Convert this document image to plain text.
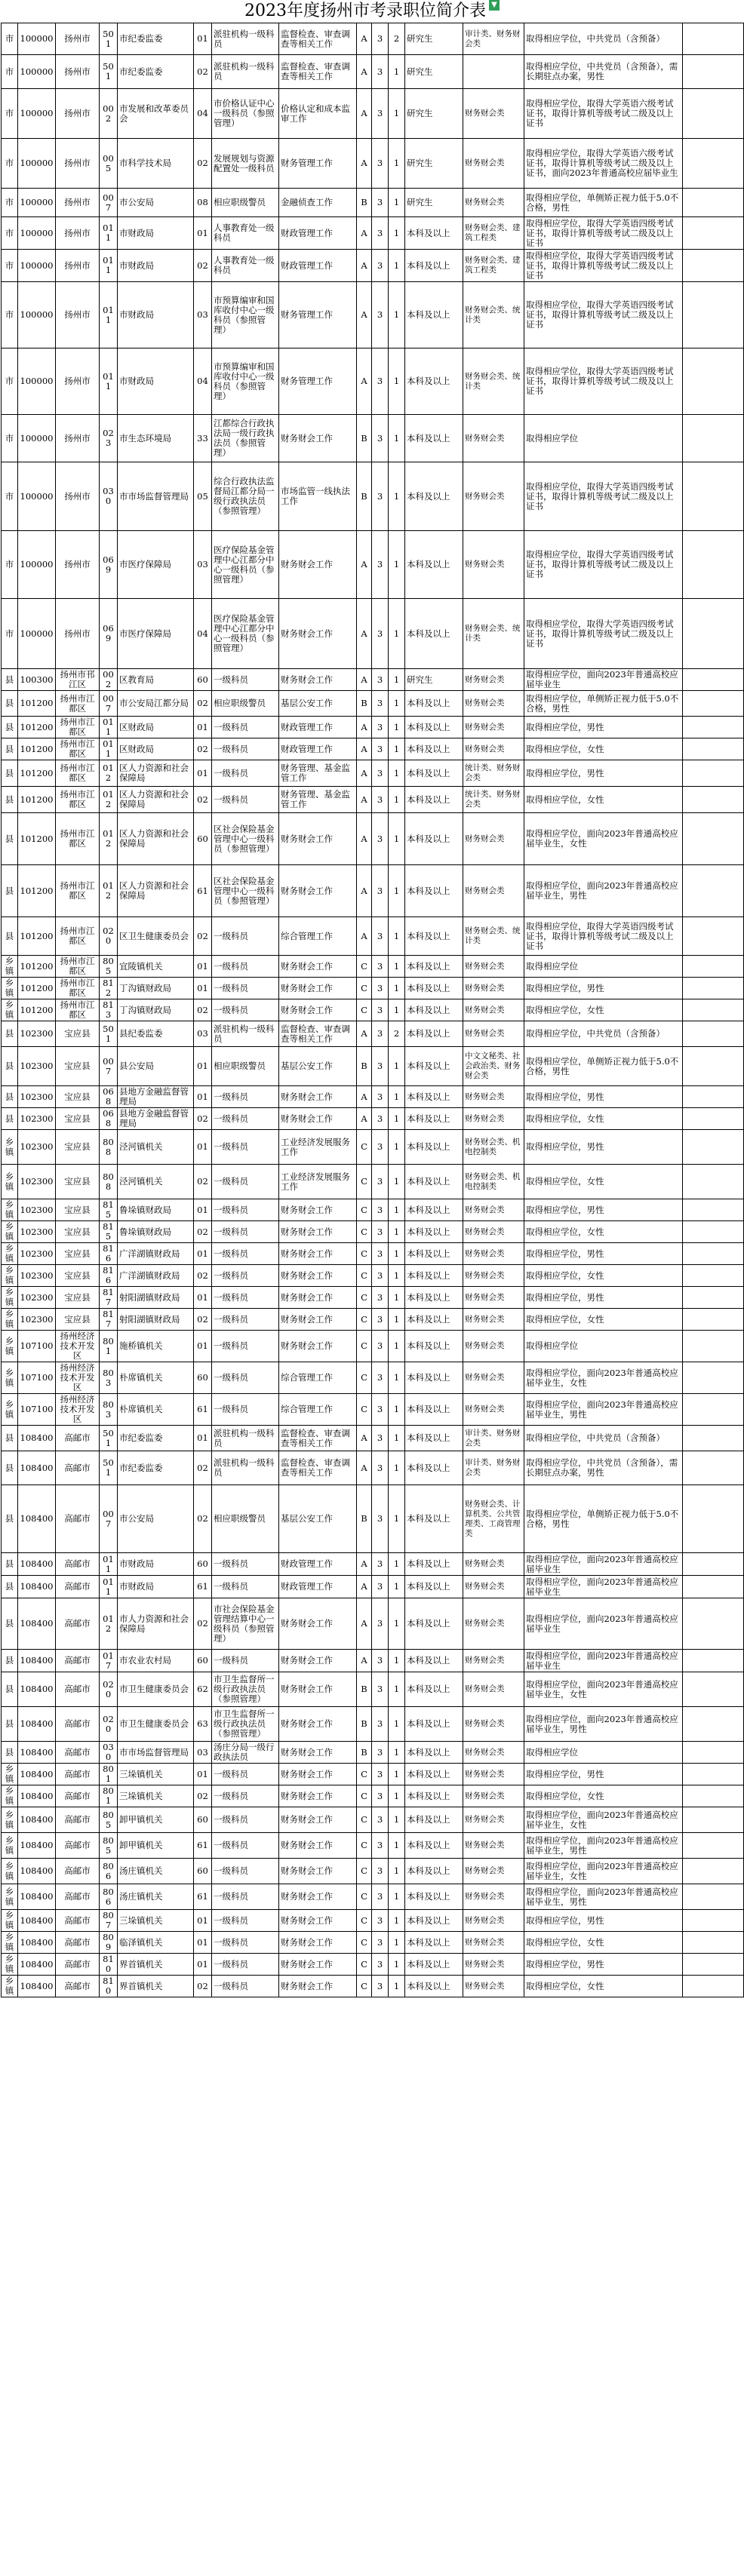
2023年度扬州市考录职位简介表 ▼
市	100000	扬州市	501	市纪委监委	01	派驻机构一级科员	监督检查、审查调查等相关工作	A	3	2	研究生	审计类、财务财会类	取得相应学位，中共党员（含预备）	
市	100000	扬州市	501	市纪委监委	02	派驻机构一级科员	监督检查、审查调查等相关工作	A	3	1	研究生		取得相应学位，中共党员（含预备），需长期驻点办案，男性	
市	100000	扬州市	002	市发展和改革委员会	04	市价格认证中心一级科员（参照管理）	价格认定和成本监审工作	A	3	1	研究生	财务财会类	取得相应学位，取得大学英语六级考试证书，取得计算机等级考试二级及以上证书	
市	100000	扬州市	005	市科学技术局	02	发展规划与资源配置处一级科员	财务管理工作	A	3	1	研究生	财务财会类	取得相应学位，取得大学英语六级考试证书，取得计算机等级考试二级及以上证书，面向2023年普通高校应届毕业生	
市	100000	扬州市	007	市公安局	08	相应职级警员	金融侦查工作	B	3	1	研究生	财务财会类	取得相应学位，单侧矫正视力低于5.0不合格，男性	
市	100000	扬州市	011	市财政局	01	人事教育处一级科员	财政管理工作	A	3	1	本科及以上	财务财会类、建筑工程类	取得相应学位，取得大学英语四级考试证书，取得计算机等级考试二级及以上证书	
市	100000	扬州市	011	市财政局	02	人事教育处一级科员	财政管理工作	A	3	1	本科及以上	财务财会类、建筑工程类	取得相应学位，取得大学英语四级考试证书，取得计算机等级考试二级及以上证书	
市	100000	扬州市	011	市财政局	03	市预算编审和国库收付中心一级科员（参照管理）	财务管理工作	A	3	1	本科及以上	财务财会类、统计类	取得相应学位，取得大学英语四级考试证书，取得计算机等级考试二级及以上证书	
市	100000	扬州市	011	市财政局	04	市预算编审和国库收付中心一级科员（参照管理）	财务管理工作	A	3	1	本科及以上	财务财会类、统计类	取得相应学位，取得大学英语四级考试证书，取得计算机等级考试二级及以上证书	
市	100000	扬州市	023	市生态环境局	33	江都综合行政执法局一级行政执法员（参照管理）	财务财会工作	B	3	1	本科及以上	财务财会类	取得相应学位	
市	100000	扬州市	030	市市场监督管理局	05	综合行政执法监督局江都分局一级行政执法员（参照管理）	市场监管一线执法工作	B	3	1	本科及以上	财务财会类	取得相应学位，取得大学英语四级考试证书，取得计算机等级考试二级及以上证书	
市	100000	扬州市	069	市医疗保障局	03	医疗保险基金管理中心江都分中心一级科员（参照管理）	财务财会工作	A	3	1	本科及以上	财务财会类	取得相应学位，取得大学英语四级考试证书，取得计算机等级考试二级及以上证书	
市	100000	扬州市	069	市医疗保障局	04	医疗保险基金管理中心江都分中心一级科员（参照管理）	财务财会工作	A	3	1	本科及以上	财务财会类、统计类	取得相应学位，取得大学英语四级考试证书，取得计算机等级考试二级及以上证书	
县	100300	扬州市邗江区	002	区教育局	60	一级科员	财务财会工作	A	3	1	研究生	财务财会类	取得相应学位，面向2023年普通高校应届毕业生	
县	101200	扬州市江都区	007	市公安局江都分局	02	相应职级警员	基层公安工作	B	3	1	本科及以上	财务财会类	取得相应学位，单侧矫正视力低于5.0不合格，男性	
县	101200	扬州市江都区	011	区财政局	01	一级科员	财政管理工作	A	3	1	本科及以上	财务财会类	取得相应学位，男性	
县	101200	扬州市江都区	011	区财政局	02	一级科员	财政管理工作	A	3	1	本科及以上	财务财会类	取得相应学位，女性	
县	101200	扬州市江都区	012	区人力资源和社会保障局	01	一级科员	财务管理、基金监管工作	A	3	1	本科及以上	统计类、财务财会类	取得相应学位，男性	
县	101200	扬州市江都区	012	区人力资源和社会保障局	02	一级科员	财务管理、基金监管工作	A	3	1	本科及以上	统计类、财务财会类	取得相应学位，女性	
县	101200	扬州市江都区	012	区人力资源和社会保障局	60	区社会保险基金管理中心一级科员（参照管理）	财务财会工作	A	3	1	本科及以上	财务财会类	取得相应学位，面向2023年普通高校应届毕业生，女性	
县	101200	扬州市江都区	012	区人力资源和社会保障局	61	区社会保险基金管理中心一级科员（参照管理）	财务财会工作	A	3	1	本科及以上	财务财会类	取得相应学位，面向2023年普通高校应届毕业生，男性	
县	101200	扬州市江都区	020	区卫生健康委员会	02	一级科员	综合管理工作	A	3	1	本科及以上	财务财会类、统计类	取得相应学位，取得大学英语四级考试证书，取得计算机等级考试二级及以上证书	
乡镇	101200	扬州市江都区	805	宜陵镇机关	01	一级科员	财务财会工作	C	3	1	本科及以上	财务财会类	取得相应学位	
乡镇	101200	扬州市江都区	812	丁沟镇财政局	01	一级科员	财务财会工作	C	3	1	本科及以上	财务财会类	取得相应学位，男性	
乡镇	101200	扬州市江都区	813	丁沟镇财政局	02	一级科员	财务财会工作	C	3	1	本科及以上	财务财会类	取得相应学位，女性	
县	102300	宝应县	501	县纪委监委	03	派驻机构一级科员	监督检查、审查调查等相关工作	A	3	2	本科及以上	财务财会类	取得相应学位，中共党员（含预备）	
县	102300	宝应县	007	县公安局	01	相应职级警员	基层公安工作	B	3	1	本科及以上	中文文秘类、社会政治类、财务财会类	取得相应学位，单侧矫正视力低于5.0不合格，男性	
县	102300	宝应县	068	县地方金融监督管理局	01	一级科员	财务财会工作	A	3	1	本科及以上	财务财会类	取得相应学位，男性	
县	102300	宝应县	068	县地方金融监督管理局	02	一级科员	财务财会工作	A	3	1	本科及以上	财务财会类	取得相应学位，女性	
乡镇	102300	宝应县	808	泾河镇机关	01	一级科员	工业经济发展服务工作	C	3	1	本科及以上	财务财会类、机电控制类	取得相应学位，男性	
乡镇	102300	宝应县	808	泾河镇机关	02	一级科员	工业经济发展服务工作	C	3	1	本科及以上	财务财会类、机电控制类	取得相应学位，女性	
乡镇	102300	宝应县	815	鲁垛镇财政局	01	一级科员	财务财会工作	C	3	1	本科及以上	财务财会类	取得相应学位，男性	
乡镇	102300	宝应县	815	鲁垛镇财政局	02	一级科员	财务财会工作	C	3	1	本科及以上	财务财会类	取得相应学位，女性	
乡镇	102300	宝应县	816	广洋湖镇财政局	01	一级科员	财务财会工作	C	3	1	本科及以上	财务财会类	取得相应学位，男性	
乡镇	102300	宝应县	816	广洋湖镇财政局	02	一级科员	财务财会工作	C	3	1	本科及以上	财务财会类	取得相应学位，女性	
乡镇	102300	宝应县	817	射阳湖镇财政局	01	一级科员	财务财会工作	C	3	1	本科及以上	财务财会类	取得相应学位，男性	
乡镇	102300	宝应县	817	射阳湖镇财政局	02	一级科员	财务财会工作	C	3	1	本科及以上	财务财会类	取得相应学位，女性	
乡镇	107100	扬州经济技术开发区	801	施桥镇机关	01	一级科员	财务财会工作	C	3	1	本科及以上	财务财会类	取得相应学位	
乡镇	107100	扬州经济技术开发区	803	朴席镇机关	60	一级科员	综合管理工作	C	3	1	本科及以上	财务财会类	取得相应学位，面向2023年普通高校应届毕业生，女性	
乡镇	107100	扬州经济技术开发区	803	朴席镇机关	61	一级科员	综合管理工作	C	3	1	本科及以上	财务财会类	取得相应学位，面向2023年普通高校应届毕业生，男性	
县	108400	高邮市	501	市纪委监委	01	派驻机构一级科员	监督检查、审查调查等相关工作	A	3	1	本科及以上	审计类、财务财会类	取得相应学位，中共党员（含预备）	
县	108400	高邮市	501	市纪委监委	02	派驻机构一级科员	监督检查、审查调查等相关工作	A	3	1	本科及以上	审计类、财务财会类	取得相应学位，中共党员（含预备），需长期驻点办案，男性	
县	108400	高邮市	007	市公安局	02	相应职级警员	基层公安工作	B	3	1	本科及以上	财务财会类、计算机类、公共管理类、工商管理类	取得相应学位，单侧矫正视力低于5.0不合格，男性	
县	108400	高邮市	011	市财政局	60	一级科员	财政管理工作	A	3	1	本科及以上	财务财会类	取得相应学位，面向2023年普通高校应届毕业生	
县	108400	高邮市	011	市财政局	61	一级科员	财政管理工作	A	3	1	本科及以上	财务财会类	取得相应学位，面向2023年普通高校应届毕业生	
县	108400	高邮市	012	市人力资源和社会保障局	02	市社会保险基金管理结算中心一级科员（参照管理）	财务财会工作	A	3	1	本科及以上	财务财会类	取得相应学位，面向2023年普通高校应届毕业生	
县	108400	高邮市	017	市农业农村局	60	一级科员	财务财会工作	A	3	1	本科及以上	财务财会类	取得相应学位，面向2023年普通高校应届毕业生	
县	108400	高邮市	020	市卫生健康委员会	62	市卫生监督所一级行政执法员（参照管理）	财务财会工作	B	3	1	本科及以上	财务财会类	取得相应学位，面向2023年普通高校应届毕业生，女性	
县	108400	高邮市	020	市卫生健康委员会	63	市卫生监督所一级行政执法员（参照管理）	财务财会工作	B	3	1	本科及以上	财务财会类	取得相应学位，面向2023年普通高校应届毕业生，男性	
县	108400	高邮市	030	市市场监督管理局	03	汤庄分局一级行政执法员	财务财会工作	B	3	1	本科及以上	财务财会类	取得相应学位	
乡镇	108400	高邮市	801	三垛镇机关	01	一级科员	财务财会工作	C	3	1	本科及以上	财务财会类	取得相应学位，男性	
乡镇	108400	高邮市	801	三垛镇机关	02	一级科员	财务财会工作	C	3	1	本科及以上	财务财会类	取得相应学位，女性	
乡镇	108400	高邮市	805	卸甲镇机关	60	一级科员	财务财会工作	C	3	1	本科及以上	财务财会类	取得相应学位，面向2023年普通高校应届毕业生，女性	
乡镇	108400	高邮市	805	卸甲镇机关	61	一级科员	财务财会工作	C	3	1	本科及以上	财务财会类	取得相应学位，面向2023年普通高校应届毕业生，男性	
乡镇	108400	高邮市	806	汤庄镇机关	60	一级科员	财务财会工作	C	3	1	本科及以上	财务财会类	取得相应学位，面向2023年普通高校应届毕业生，女性	
乡镇	108400	高邮市	806	汤庄镇机关	61	一级科员	财务财会工作	C	3	1	本科及以上	财务财会类	取得相应学位，面向2023年普通高校应届毕业生，男性	
乡镇	108400	高邮市	807	三垛镇机关	01	一级科员	财务财会工作	C	3	1	本科及以上	财务财会类	取得相应学位，男性	
乡镇	108400	高邮市	809	临泽镇机关	01	一级科员	财务财会工作	C	3	1	本科及以上	财务财会类	取得相应学位，女性	
乡镇	108400	高邮市	810	界首镇机关	01	一级科员	财务财会工作	C	3	1	本科及以上	财务财会类	取得相应学位，男性	
乡镇	108400	高邮市	810	界首镇机关	02	一级科员	财务财会工作	C	3	1	本科及以上	财务财会类	取得相应学位，女性	
